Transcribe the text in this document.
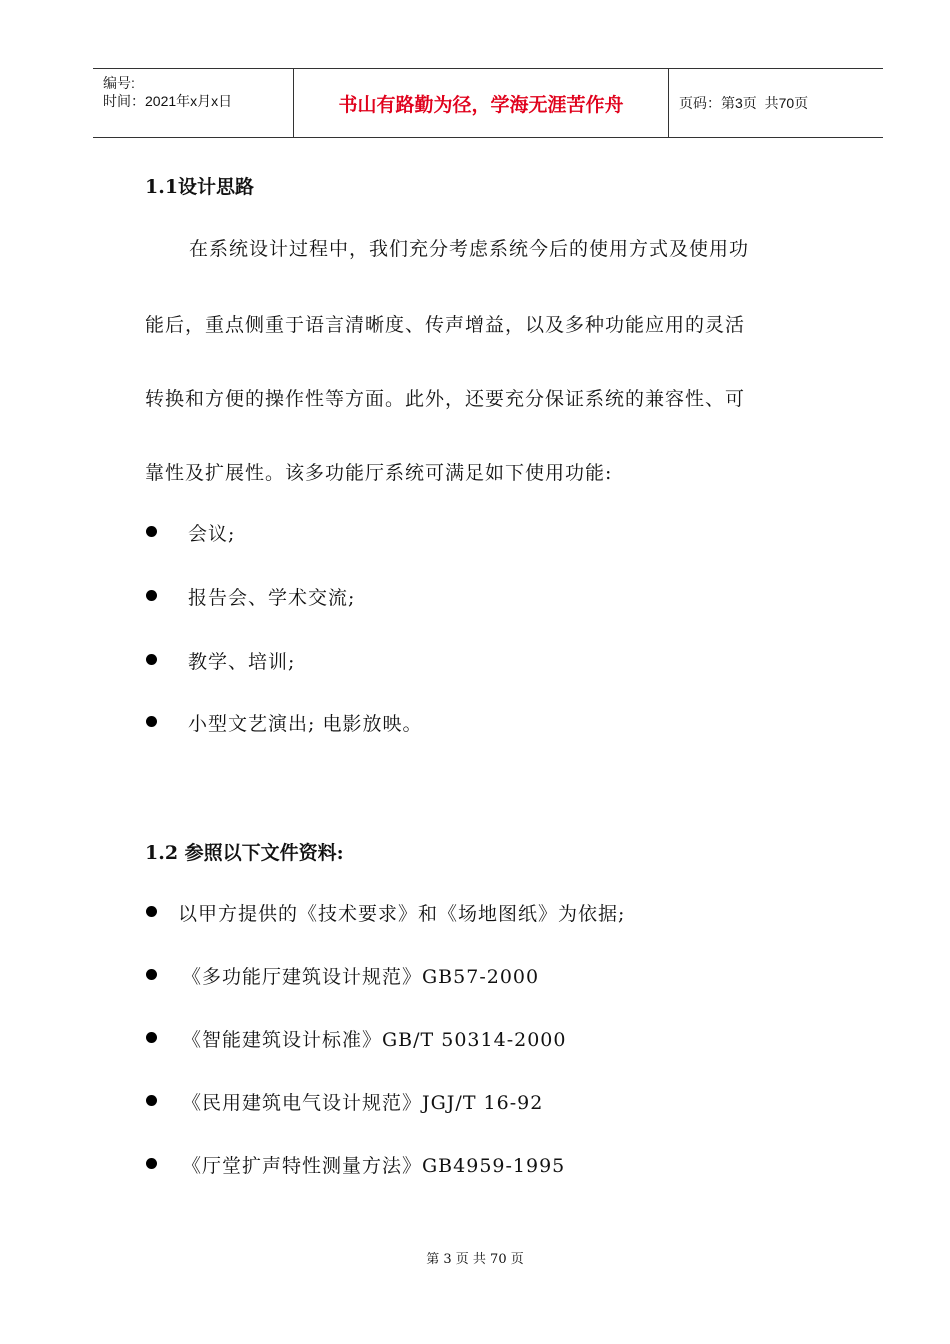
编号:
时间：2021年x月x日	书山有路勤为径，学海无涯苦作舟	页码：第3页  共70页
1.1设计思路
在系统设计过程中，我们充分考虑系统今后的使用方式及使用功
能后，重点侧重于语言清晰度、传声增益，以及多种功能应用的灵活
转换和方便的操作性等方面。此外，还要充分保证系统的兼容性、可
靠性及扩展性。该多功能厅系统可满足如下使用功能:
会议;
报告会、学术交流;
教学、培训;
小型文艺演出; 电影放映。
1.2 参照以下文件资料:
以甲方提供的《技术要求》和《场地图纸》为依据;
《多功能厅建筑设计规范》GB57-2000
《智能建筑设计标准》GB/T 50314-2000
《民用建筑电气设计规范》JGJ/T 16-92
《厅堂扩声特性测量方法》GB4959-1995
第 3 页 共 70 页
